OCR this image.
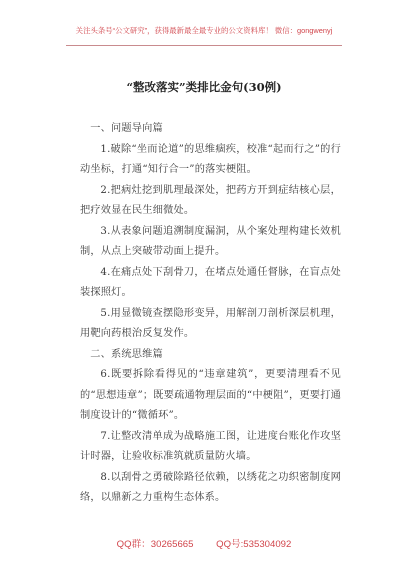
关注头条号“公文研究”，获得最新最全最专业的公文资料库！ 微信：gongwenyj
“整改落实”类排比金句(30例)

一、问题导向篇

1.破除“坐而论道”的思维痼疾，校准“起而行之”的行动坐标，打通“知行合一”的落实梗阻。

2.把病灶挖到肌理最深处，把药方开到症结核心层，把疗效显在民生细微处。

3.从表象问题追溯制度漏洞，从个案处理构建长效机制，从点上突破带动面上提升。

4.在痛点处下刮骨刀，在堵点处通任督脉，在盲点处装探照灯。

5.用显微镜查摆隐形变异，用解剖刀剖析深层机理，用靶向药根治反复发作。

二、系统思维篇

6.既要拆除看得见的“违章建筑”，更要清理看不见的“思想违章”；既要疏通物理层面的“中梗阻”，更要打通制度设计的“微循环”。

7.让整改清单成为战略施工图，让进度台账化作攻坚计时器，让验收标准筑就质量防火墙。

8.以刮骨之勇破除路径依赖，以绣花之功织密制度网络，以鼎新之力重构生态体系。

QQ群：30265665 QQ号:535304092
